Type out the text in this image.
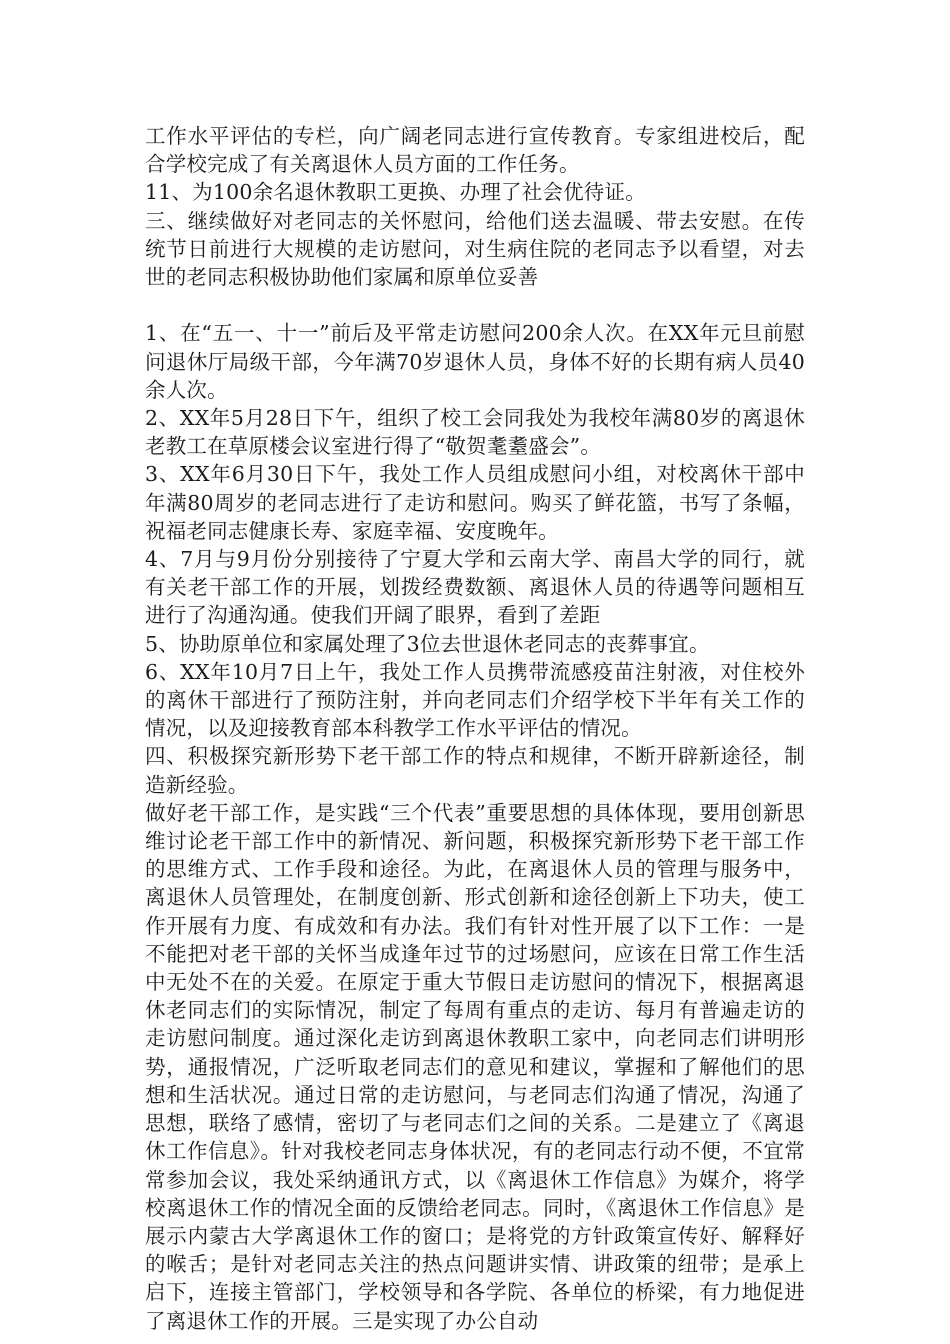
工作水平评估的专栏，向广阔老同志进行宣传教育。专家组进校后，配合学校完成了有关离退休人员方面的工作任务。

11、为100余名退休教职工更换、办理了社会优待证。

三、继续做好对老同志的关怀慰问，给他们送去温暖、带去安慰。在传统节日前进行大规模的走访慰问，对生病住院的老同志予以看望，对去世的老同志积极协助他们家属和原单位妥善

1、在“五一、十一”前后及平常走访慰问200余人次。在XX年元旦前慰问退休厅局级干部，今年满70岁退休人员，身体不好的长期有病人员40余人次。

2、XX年5月28日下午，组织了校工会同我处为我校年满80岁的离退休老教工在草原楼会议室进行得了“敬贺耄耋盛会”。

3、XX年6月30日下午，我处工作人员组成慰问小组，对校离休干部中年满80周岁的老同志进行了走访和慰问。购买了鲜花篮，书写了条幅，祝福老同志健康长寿、家庭幸福、安度晚年。

4、7月与9月份分别接待了宁夏大学和云南大学、南昌大学的同行，就有关老干部工作的开展，划拨经费数额、离退休人员的待遇等问题相互进行了沟通沟通。使我们开阔了眼界，看到了差距

5、协助原单位和家属处理了3位去世退休老同志的丧葬事宜。

6、XX年10月7日上午，我处工作人员携带流感疫苗注射液，对住校外的离休干部进行了预防注射，并向老同志们介绍学校下半年有关工作的情况，以及迎接教育部本科教学工作水平评估的情况。

四、积极探究新形势下老干部工作的特点和规律，不断开辟新途径，制造新经验。

做好老干部工作，是实践“三个代表”重要思想的具体体现，要用创新思维讨论老干部工作中的新情况、新问题，积极探究新形势下老干部工作的思维方式、工作手段和途径。为此，在离退休人员的管理与服务中，离退休人员管理处，在制度创新、形式创新和途径创新上下功夫，使工作开展有力度、有成效和有办法。我们有针对性开展了以下工作：一是不能把对老干部的关怀当成逢年过节的过场慰问，应该在日常工作生活中无处不在的关爱。在原定于重大节假日走访慰问的情况下，根据离退休老同志们的实际情况，制定了每周有重点的走访、每月有普遍走访的走访慰问制度。通过深化走访到离退休教职工家中，向老同志们讲明形势，通报情况，广泛听取老同志们的意见和建议，掌握和了解他们的思想和生活状况。通过日常的走访慰问，与老同志们沟通了情况，沟通了思想，联络了感情，密切了与老同志们之间的关系。二是建立了《离退休工作信息》。针对我校老同志身体状况，有的老同志行动不便，不宜常常参加会议，我处采纳通讯方式，以《离退休工作信息》为媒介，将学校离退休工作的情况全面的反馈给老同志。同时，《离退休工作信息》是展示内蒙古大学离退休工作的窗口；是将党的方针政策宣传好、解释好的喉舌；是针对老同志关注的热点问题讲实情、讲政策的纽带；是承上启下，连接主管部门，学校领导和各学院、各单位的桥梁，有力地促进了离退休工作的开展。三是实现了办公自动
